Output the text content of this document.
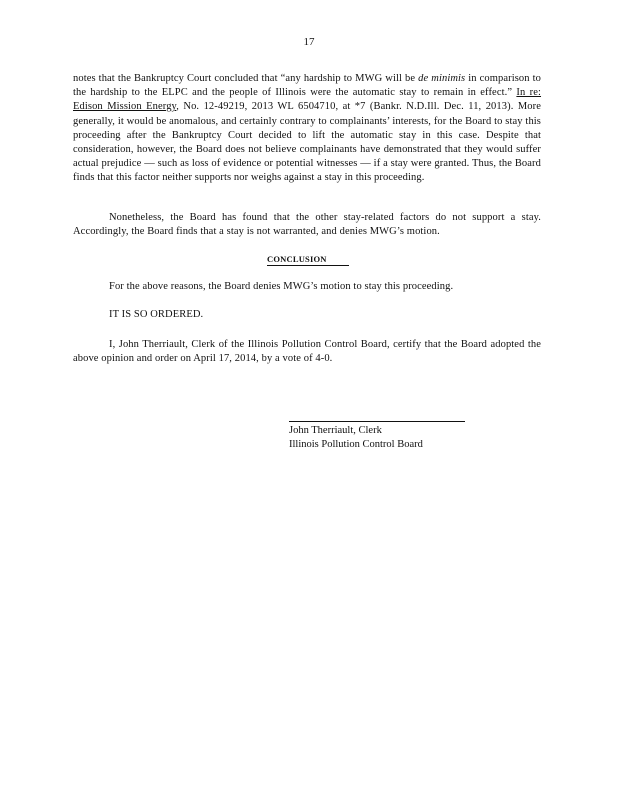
17

notes that the Bankruptcy Court concluded that “any hardship to MWG will be de minimis in comparison to the hardship to the ELPC and the people of Illinois were the automatic stay to remain in effect.” In re: Edison Mission Energy, No. 12-49219, 2013 WL 6504710, at *7 (Bankr. N.D.Ill. Dec. 11, 2013). More generally, it would be anomalous, and certainly contrary to complainants’ interests, for the Board to stay this proceeding after the Bankruptcy Court decided to lift the automatic stay in this case. Despite that consideration, however, the Board does not believe complainants have demonstrated that they would suffer actual prejudice — such as loss of evidence or potential witnesses — if a stay were granted. Thus, the Board finds that this factor neither supports nor weighs against a stay in this proceeding.

Nonetheless, the Board has found that the other stay-related factors do not support a stay. Accordingly, the Board finds that a stay is not warranted, and denies MWG’s motion.

CONCLUSION

For the above reasons, the Board denies MWG’s motion to stay this proceeding.

IT IS SO ORDERED.

I, John Therriault, Clerk of the Illinois Pollution Control Board, certify that the Board adopted the above opinion and order on April 17, 2014, by a vote of 4-0.

John Therriault, Clerk
Illinois Pollution Control Board
